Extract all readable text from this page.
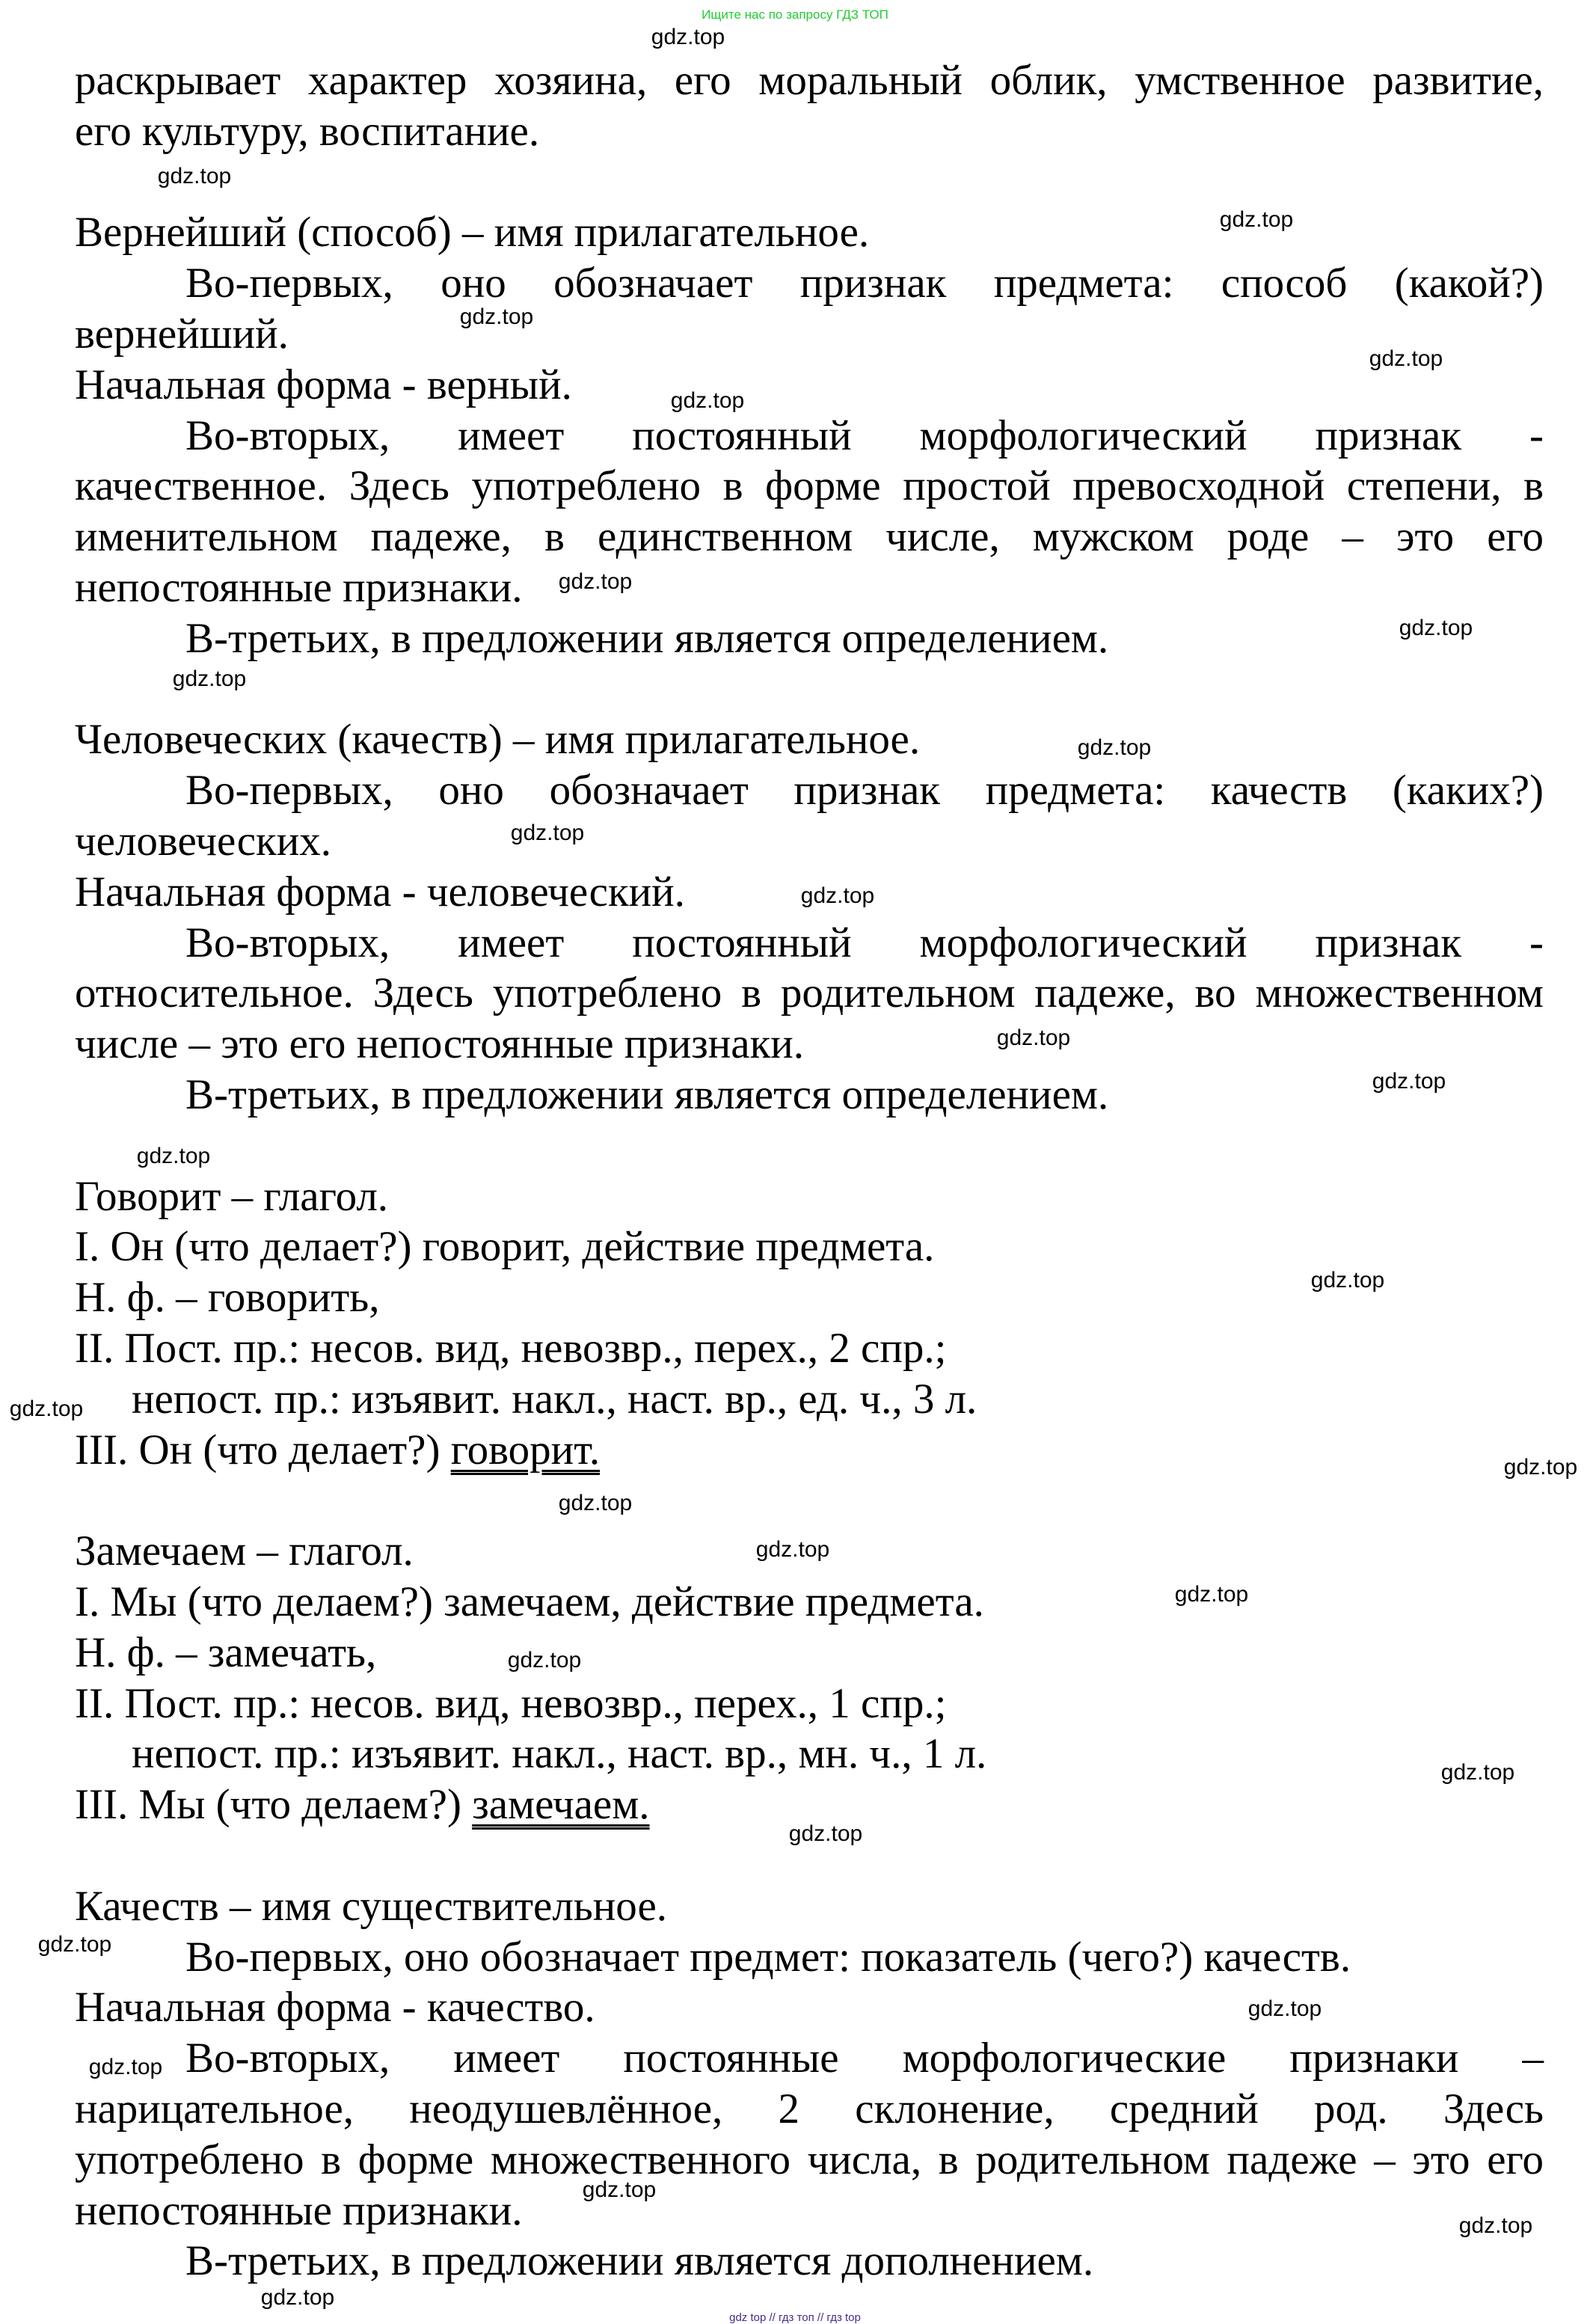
Ищите нас по запросу ГДЗ ТОП
раскрывает характер хозяина, его моральный облик, умственное развитие,
его культуру, воспитание.
Вернейший (способ) – имя прилагательное.
Во-первых, оно обозначает признак предмета: способ (какой?)
вернейший.
Начальная форма - верный.
Во-вторых, имеет постоянный морфологический признак -
качественное. Здесь употреблено в форме простой превосходной степени, в
именительном падеже, в единственном числе, мужском роде – это его
непостоянные признаки.
В-третьих, в предложении является определением.
Человеческих (качеств) – имя прилагательное.
Во-первых, оно обозначает признак предмета: качеств (каких?)
человеческих.
Начальная форма - человеческий.
Во-вторых, имеет постоянный морфологический признак -
относительное. Здесь употреблено в родительном падеже, во множественном
числе – это его непостоянные признаки.
В-третьих, в предложении является определением.
Говорит – глагол.
I. Он (что делает?) говорит, действие предмета.
Н. ф. – говорить,
II. Пост. пр.: несов. вид, невозвр., перех., 2 спр.;
непост. пр.: изъявит. накл., наст. вр., ед. ч., 3 л.
III. Он (что делает?) говорит.
Замечаем – глагол.
I. Мы (что делаем?) замечаем, действие предмета.
Н. ф. – замечать,
II. Пост. пр.: несов. вид, невозвр., перех., 1 спр.;
непост. пр.: изъявит. накл., наст. вр., мн. ч., 1 л.
III. Мы (что делаем?) замечаем.
Качеств – имя существительное.
Во-первых, оно обозначает предмет: показатель (чего?) качеств.
Начальная форма - качество.
Во-вторых, имеет постоянные морфологические признаки –
нарицательное, неодушевлённое, 2 склонение, средний род. Здесь
употреблено в форме множественного числа, в родительном падеже – это его
непостоянные признаки.
В-третьих, в предложении является дополнением.
gdz.top
gdz.top
gdz.top
gdz.top
gdz.top
gdz.top
gdz.top
gdz.top
gdz.top
gdz.top
gdz.top
gdz.top
gdz.top
gdz.top
gdz.top
gdz.top
gdz.top
gdz.top
gdz.top
gdz.top
gdz.top
gdz.top
gdz.top
gdz.top
gdz.top
gdz.top
gdz.top
gdz.top
gdz.top
gdz.top
gdz top // гдз топ // гдз top
